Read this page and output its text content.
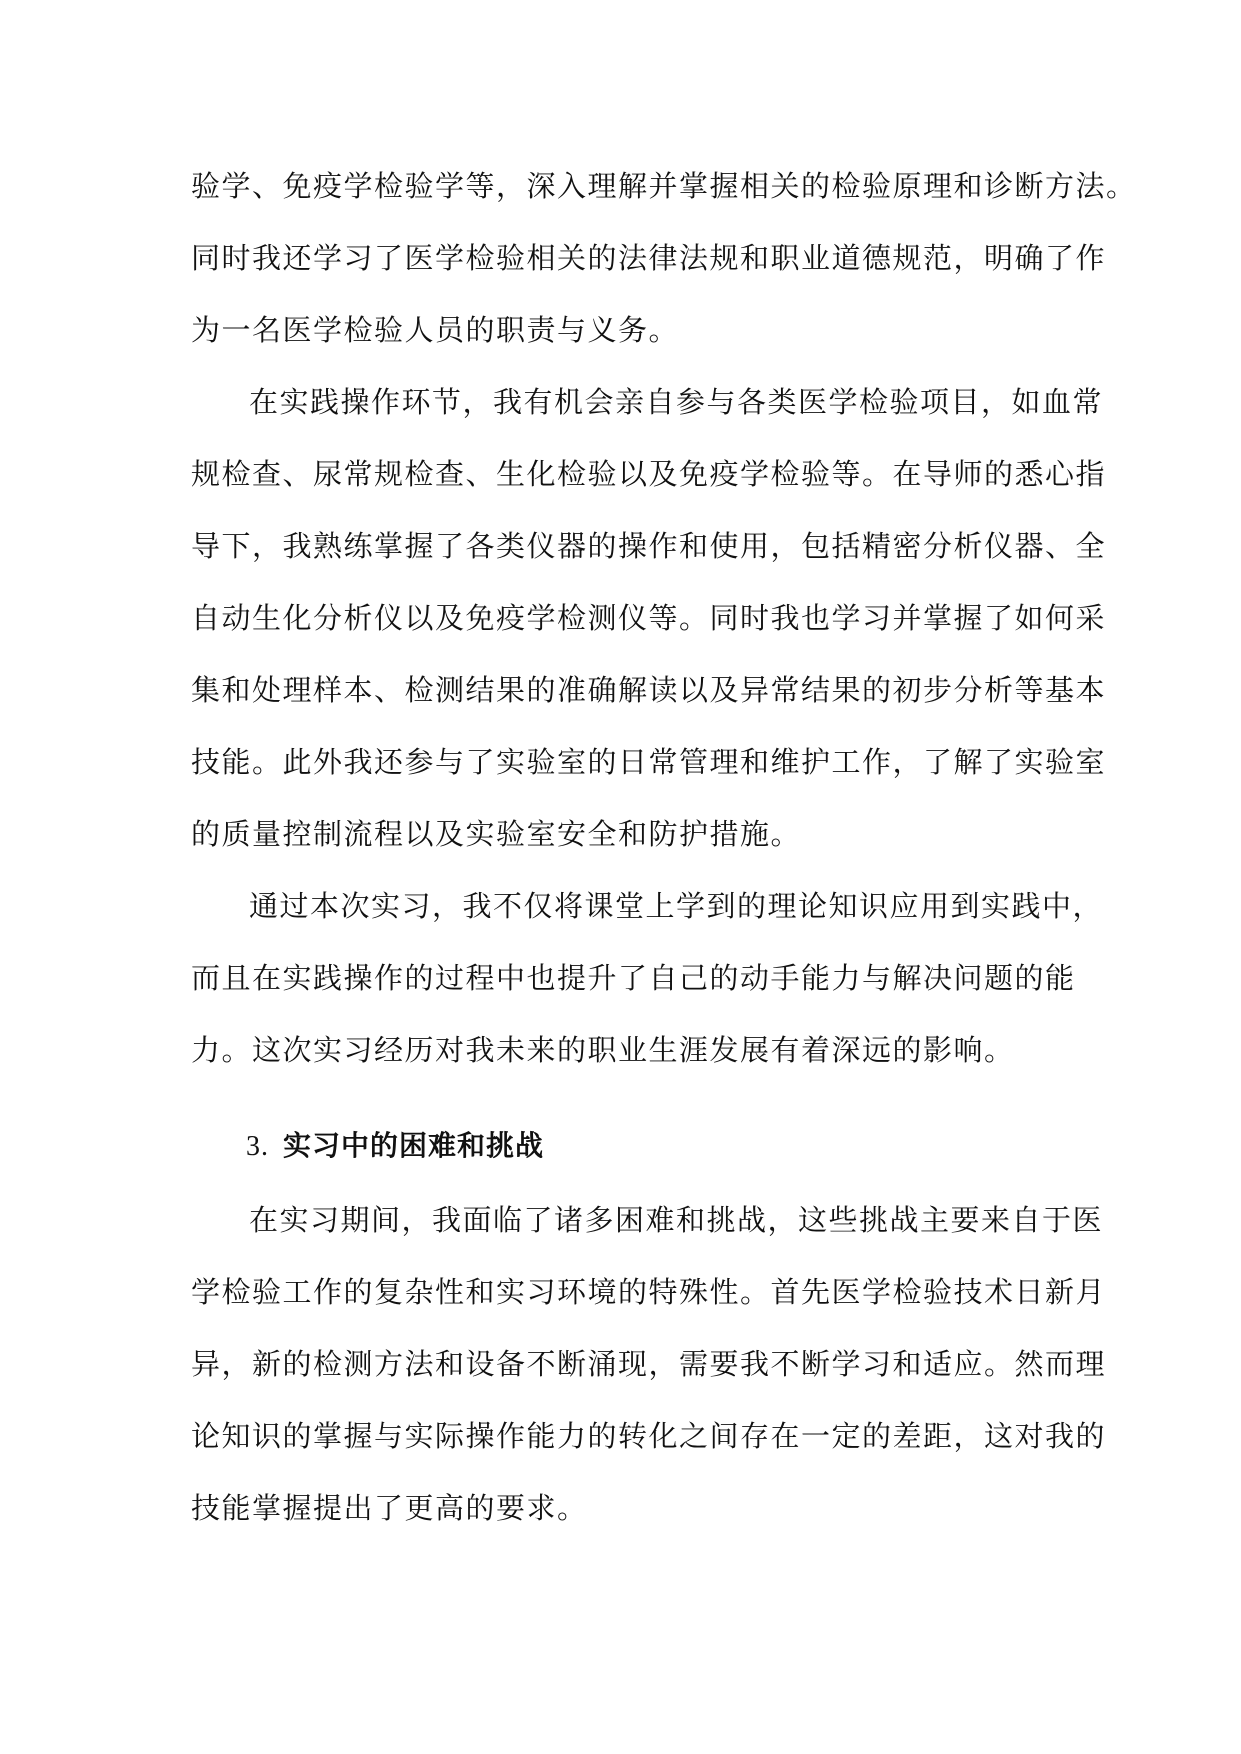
验学、免疫学检验学等，深入理解并掌握相关的检验原理和诊断方法。
同时我还学习了医学检验相关的法律法规和职业道德规范，明确了作
为一名医学检验人员的职责与义务。
在实践操作环节，我有机会亲自参与各类医学检验项目，如血常
规检查、尿常规检查、生化检验以及免疫学检验等。在导师的悉心指
导下，我熟练掌握了各类仪器的操作和使用，包括精密分析仪器、全
自动生化分析仪以及免疫学检测仪等。同时我也学习并掌握了如何采
集和处理样本、检测结果的准确解读以及异常结果的初步分析等基本
技能。此外我还参与了实验室的日常管理和维护工作，了解了实验室
的质量控制流程以及实验室安全和防护措施。
通过本次实习，我不仅将课堂上学到的理论知识应用到实践中，
而且在实践操作的过程中也提升了自己的动手能力与解决问题的能
力。这次实习经历对我未来的职业生涯发展有着深远的影响。
3. 实习中的困难和挑战
在实习期间，我面临了诸多困难和挑战，这些挑战主要来自于医
学检验工作的复杂性和实习环境的特殊性。首先医学检验技术日新月
异，新的检测方法和设备不断涌现，需要我不断学习和适应。然而理
论知识的掌握与实际操作能力的转化之间存在一定的差距，这对我的
技能掌握提出了更高的要求。
